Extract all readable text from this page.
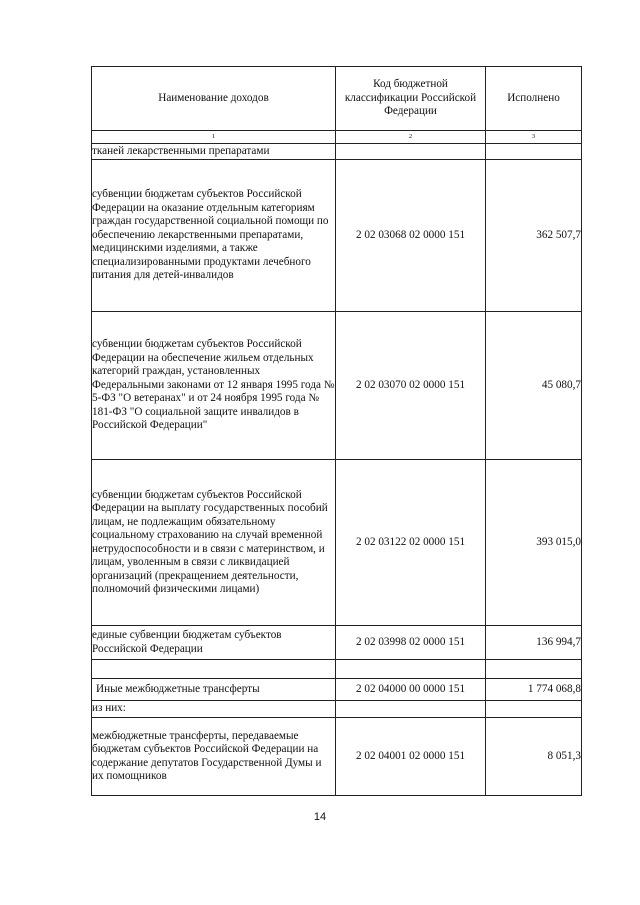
Наименование доходов	Код бюджетной классификации Российской Федерации	Исполнено
1	2	3
тканей лекарственными препаратами		
субвенции бюджетам субъектов Российской Федерации на оказание отдельным категориям граждан государственной социальной помощи по обеспечению лекарственными препаратами, медицинскими изделиями, а также специализированными продуктами лечебного питания для детей-инвалидов	2 02 03068 02 0000 151	362 507,7
субвенции бюджетам субъектов Российской Федерации на обеспечение жильем отдельных категорий граждан, установленных Федеральными законами от 12 января 1995 года № 5-ФЗ "О ветеранах" и от 24 ноября 1995 года № 181-ФЗ "О социальной защите инвалидов в Российской Федерации"	2 02 03070 02 0000 151	45 080,7
субвенции бюджетам субъектов Российской Федерации на выплату государственных пособий лицам, не подлежащим обязательному социальному страхованию на случай временной нетрудоспособности и в связи с материнством, и лицам, уволенным в связи с ликвидацией организаций (прекращением деятельности, полномочий физическими лицами)	2 02 03122 02 0000 151	393 015,0
единые субвенции бюджетам субъектов Российской Федерации	2 02 03998 02 0000 151	136 994,7

Иные межбюджетные трансферты	2 02 04000 00 0000 151	1 774 068,8
из них:		
межбюджетные трансферты, передаваемые бюджетам субъектов Российской Федерации на содержание депутатов Государственной Думы и их помощников	2 02 04001 02 0000 151	8 051,3
14
